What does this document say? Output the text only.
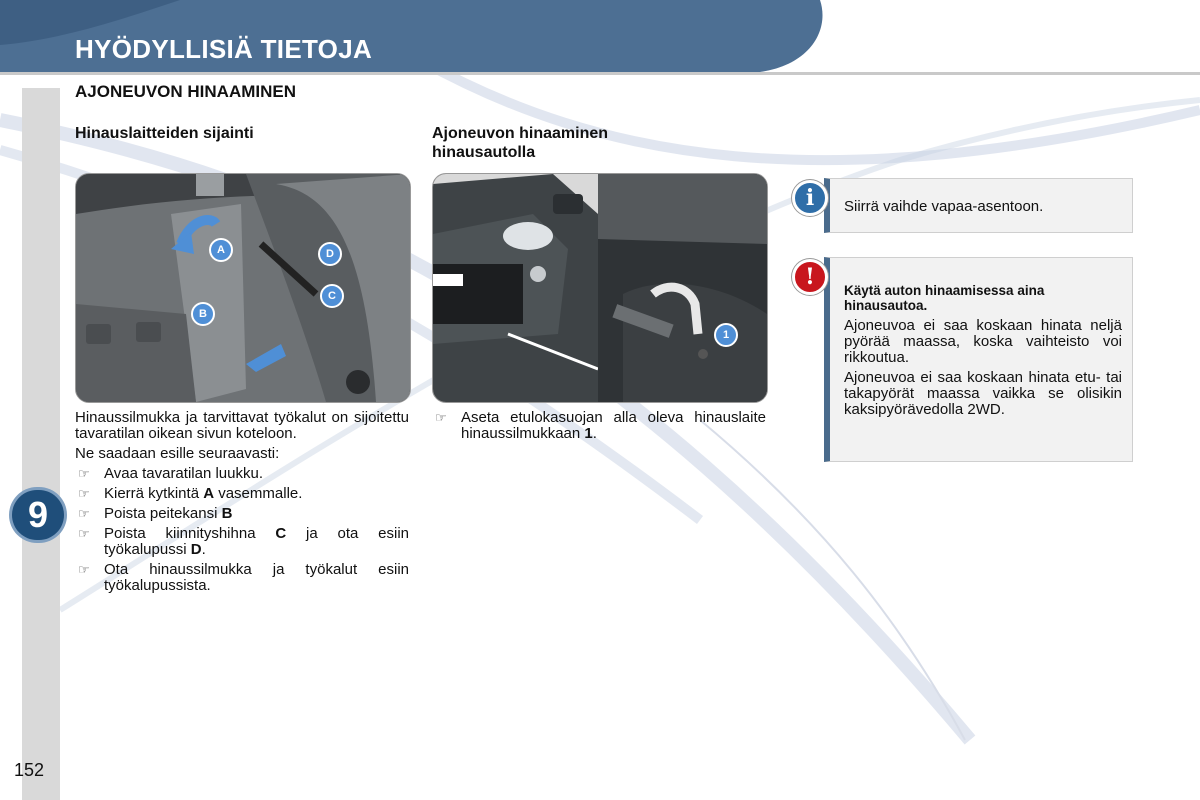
HYÖDYLLISIÄ TIETOJA
AJONEUVON HINAAMINEN
Hinauslaitteiden sijainti
A
B
C
D

Hinaussilmukka ja tarvittavat työkalut on sijoitettu tavaratilan oikean sivun koteloon.

Ne saadaan esille seuraavasti:

☞ Avaa tavaratilan luukku.
☞ Kierrä kytkintä A vasemmalle.
☞ Poista peitekansi B
☞ Poista kiinnityshihna C ja ota esiin työkalupussi D.
☞ Ota hinaussilmukka ja työkalut esiin työkalupussista.
Ajoneuvon hinaaminen
hinausautolla
1
☞ Aseta etulokasuojan alla oleva hinauslaite hinaussilmukkaan 1.
Siirrä vaihde vapaa-asentoon.
i

Käytä auton hinaamisessa aina hinausautoa.

Ajoneuvoa ei saa koskaan hinata neljä pyörää maassa, koska vaihteisto voi rikkoutua.

Ajoneuvoa ei saa koskaan hinata etu- tai takapyörät maassa vaikka se olisikin kaksipyörävedolla 2WD.

!
9
152
